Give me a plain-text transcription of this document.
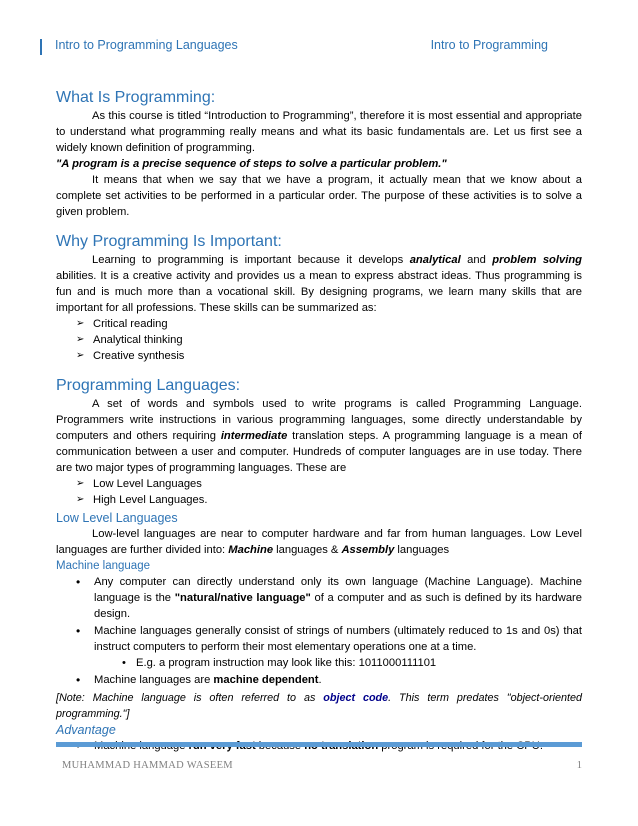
Intro to Programming Languages	Intro to Programming
What Is Programming:

As this course is titled “Introduction to Programming”, therefore it is most essential and appropriate to understand what programming really means and what its basic fundamentals are. Let us first see a widely known definition of programming.

"A program is a precise sequence of steps to solve a particular problem."

It means that when we say that we have a program, it actually mean that we know about a complete set activities to be performed in a particular order. The purpose of these activities is to solve a given problem.

Why Programming Is Important:

Learning to programming is important because it develops analytical and problem solving abilities. It is a creative activity and provides us a mean to express abstract ideas. Thus programming is fun and is much more than a vocational skill. By designing programs, we learn many skills that are important for all professions. These skills can be summarized as:

➢ Critical reading
➢ Analytical thinking
➢ Creative synthesis
Programming Languages:

A set of words and symbols used to write programs is called Programming Language. Programmers write instructions in various programming languages, some directly understandable by computers and others requiring intermediate translation steps. A programming language is a mean of communication between a user and computer. Hundreds of computer languages are in use today. There are two major types of programming languages. These are

➢ Low Level Languages
➢ High Level Languages.
Low Level Languages

Low-level languages are near to computer hardware and far from human languages. Low Level languages are further divided into: Machine languages & Assembly languages

Machine language
• Any computer can directly understand only its own language (Machine Language). Machine language is the "natural/native language" of a computer and as such is defined by its hardware design.
• Machine languages generally consist of strings of numbers (ultimately reduced to 1s and 0s) that instruct computers to perform their most elementary operations one at a time.
• E.g. a program instruction may look like this: 1011000111101
• Machine languages are machine dependent.

[Note: Machine language is often referred to as object code. This term predates "object-oriented programming."]

Advantage
MUHAMMAD HAMMAD WASEEM	1
